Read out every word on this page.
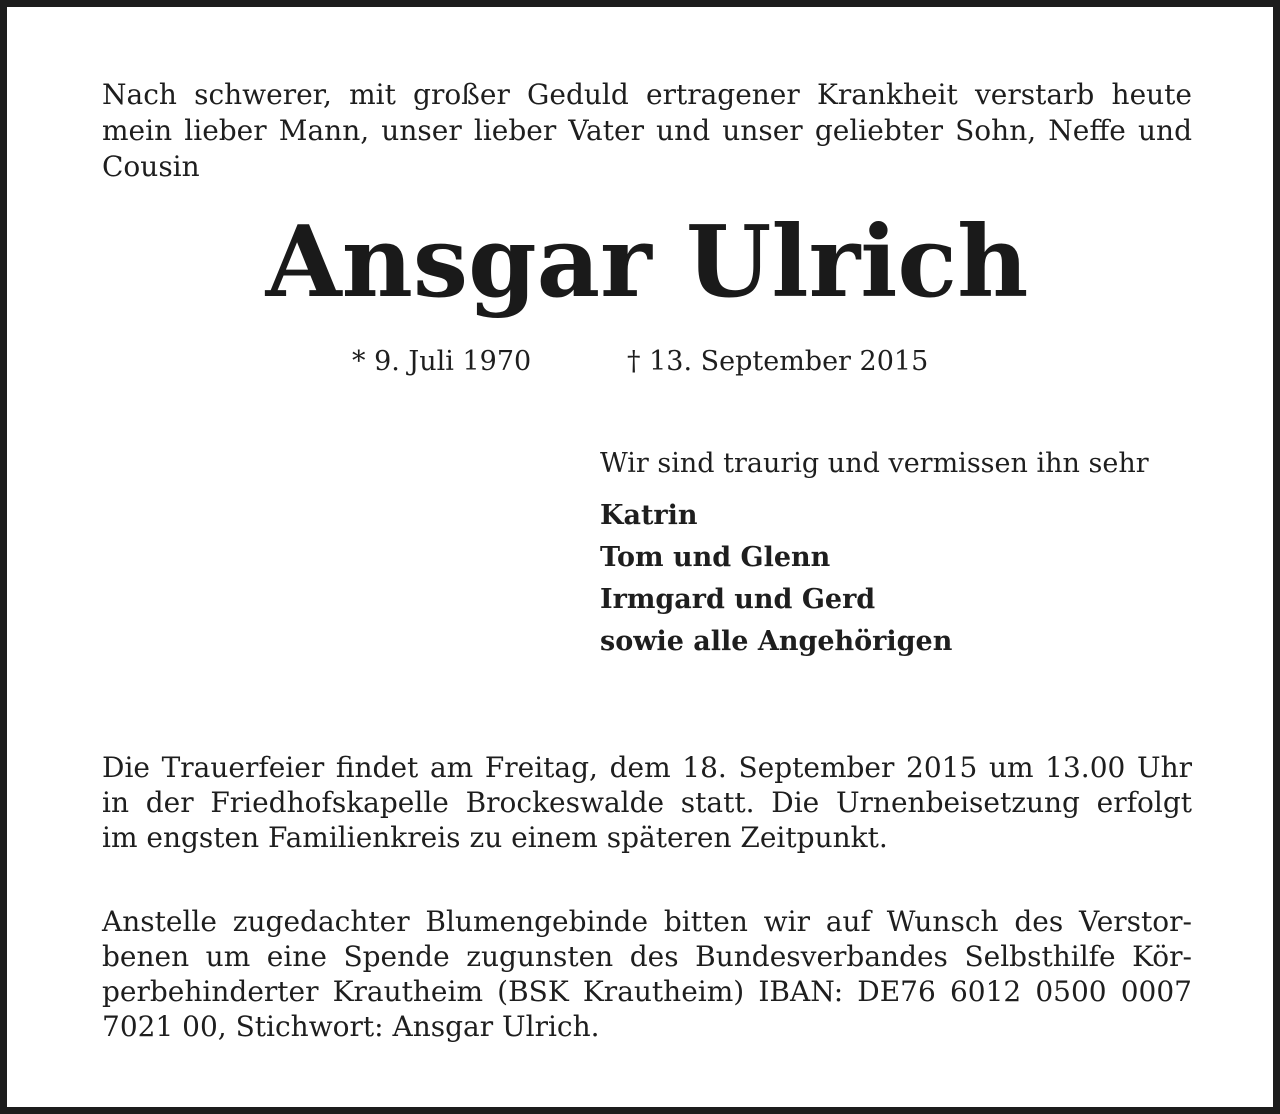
Nach schwerer, mit großer Geduld ertragener Krankheit verstarb heute
mein lieber Mann, unser lieber Vater und unser geliebter Sohn, Neffe und
Cousin
Ansgar Ulrich
* 9. Juli 1970	† 13. September 2015
Wir sind traurig und vermissen ihn sehr
Katrin
Tom und Glenn
Irmgard und Gerd
sowie alle Angehörigen
Die Trauerfeier findet am Freitag, dem 18. September 2015 um 13.00 Uhr
in der Friedhofskapelle Brockeswalde statt. Die Urnenbeisetzung erfolgt
im engsten Familienkreis zu einem späteren Zeitpunkt.
Anstelle zugedachter Blumengebinde bitten wir auf Wunsch des Verstor-
benen um eine Spende zugunsten des Bundesverbandes Selbsthilfe Kör-
perbehinderter Krautheim (BSK Krautheim) IBAN: DE76 6012 0500 0007
7021 00, Stichwort: Ansgar Ulrich.
